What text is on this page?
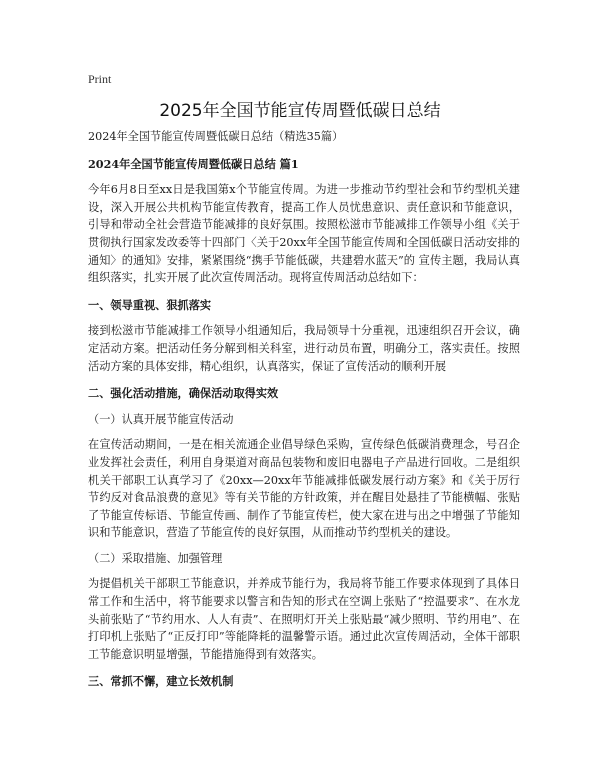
Print
2025年全国节能宣传周暨低碳日总结

2024年全国节能宣传周暨低碳日总结（精选35篇）

2024年全国节能宣传周暨低碳日总结 篇1

今年6月8日至xx日是我国第x个节能宣传周。为进一步推动节约型社会和节约型机关建设，深入开展公共机构节能宣传教育，提高工作人员忧患意识、责任意识和节能意识，引导和带动全社会营造节能减排的良好氛围。按照松滋市节能减排工作领导小组《关于贯彻执行国家发改委等十四部门〈关于20xx年全国节能宣传周和全国低碳日活动安排的通知〉的通知》安排，紧紧围绕“携手节能低碳，共建碧水蓝天”的 宣传主题，我局认真组织落实，扎实开展了此次宣传周活动。现将宣传周活动总结如下：

一、领导重视、狠抓落实

接到松滋市节能减排工作领导小组通知后，我局领导十分重视，迅速组织召开会议，确定活动方案。把活动任务分解到相关科室，进行动员布置，明确分工，落实责任。按照活动方案的具体安排，精心组织，认真落实，保证了宣传活动的顺利开展

二、强化活动措施，确保活动取得实效

（一）认真开展节能宣传活动

在宣传活动期间，一是在相关流通企业倡导绿色采购，宣传绿色低碳消费理念，号召企业发挥社会责任，利用自身渠道对商品包装物和废旧电器电子产品进行回收。二是组织机关干部职工认真学习了《20xx—20xx年节能减排低碳发展行动方案》和《关于厉行节约反对食品浪费的意见》等有关节能的方针政策，并在醒目处悬挂了节能横幅、张贴了节能宣传标语、节能宣传画、制作了节能宣传栏，使大家在进与出之中增强了节能知识和节能意识，营造了节能宣传的良好氛围，从而推动节约型机关的建设。

（二）采取措施、加强管理

为提倡机关干部职工节能意识，并养成节能行为，我局将节能工作要求体现到了具体日常工作和生活中，将节能要求以警言和告知的形式在空调上张贴了“控温要求”、在水龙头前张贴了“节约用水、人人有责”、在照明灯开关上张贴最“减少照明、节约用电”、在打印机上张贴了“正反打印”等能降耗的温馨警示语。通过此次宣传周活动，全体干部职工节能意识明显增强，节能措施得到有效落实。

三、常抓不懈，建立长效机制
